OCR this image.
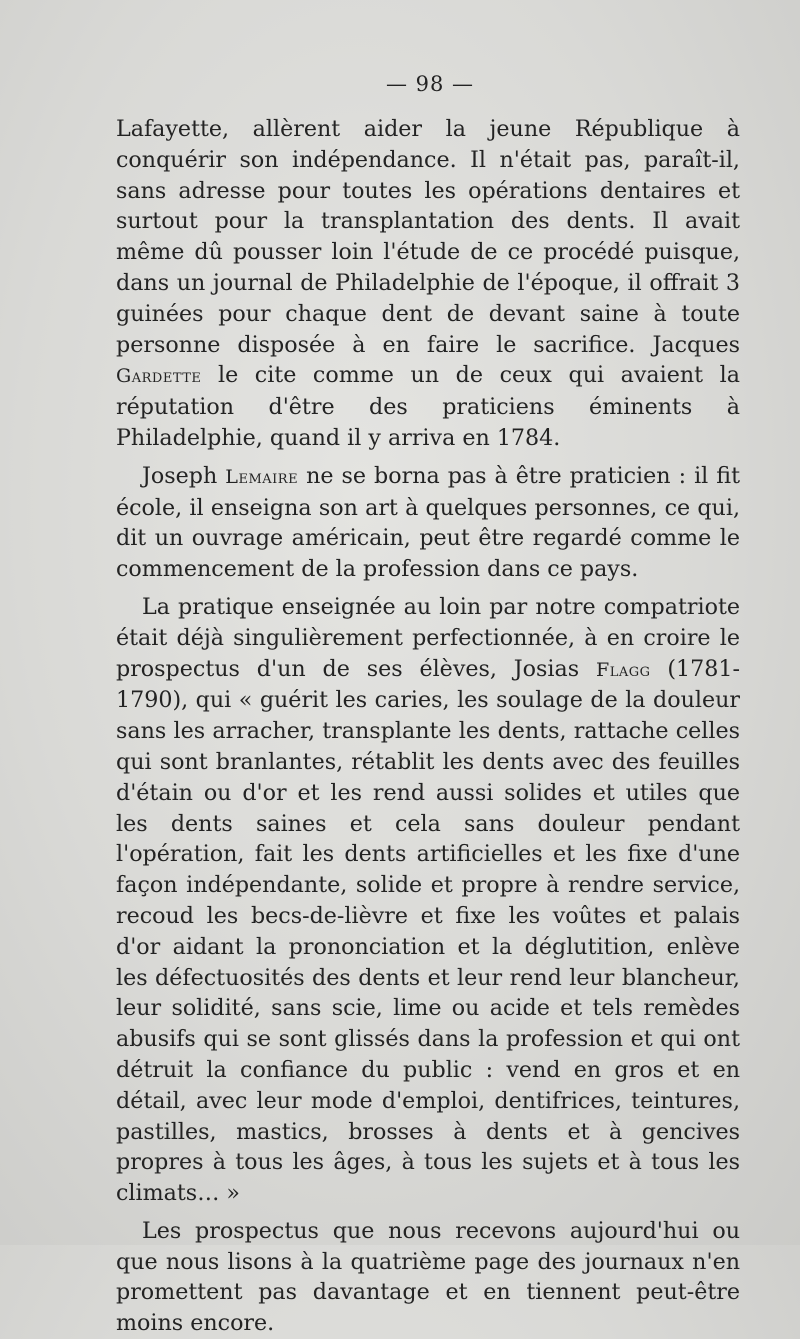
— 98 —

Lafayette, allèrent aider la jeune République à conquérir son indépendance. Il n'était pas, paraît-il, sans adresse pour toutes les opérations dentaires et surtout pour la transplantation des dents. Il avait même dû pousser loin l'étude de ce procédé puisque, dans un journal de Philadelphie de l'époque, il offrait 3 guinées pour chaque dent de devant saine à toute personne disposée à en faire le sacrifice. Jacques Gardette le cite comme un de ceux qui avaient la réputation d'être des praticiens éminents à Philadelphie, quand il y arriva en 1784.

Joseph Lemaire ne se borna pas à être praticien : il fit école, il enseigna son art à quelques personnes, ce qui, dit un ouvrage américain, peut être regardé comme le commencement de la profession dans ce pays.

La pratique enseignée au loin par notre compatriote était déjà singulièrement perfectionnée, à en croire le prospectus d'un de ses élèves, Josias Flagg (1781-1790), qui « guérit les caries, les soulage de la douleur sans les arracher, transplante les dents, rattache celles qui sont branlantes, rétablit les dents avec des feuilles d'étain ou d'or et les rend aussi solides et utiles que les dents saines et cela sans douleur pendant l'opération, fait les dents artificielles et les fixe d'une façon indépendante, solide et propre à rendre service, recoud les becs-de-lièvre et fixe les voûtes et palais d'or aidant la prononciation et la déglutition, enlève les défectuosités des dents et leur rend leur blancheur, leur solidité, sans scie, lime ou acide et tels remèdes abusifs qui se sont glissés dans la profession et qui ont détruit la confiance du public : vend en gros et en détail, avec leur mode d'emploi, dentifrices, teintures, pastilles, mastics, brosses à dents et à gencives propres à tous les âges, à tous les sujets et à tous les climats… »

Les prospectus que nous recevons aujourd'hui ou que nous lisons à la quatrième page des journaux n'en promettent pas davantage et en tiennent peut-être moins encore.
